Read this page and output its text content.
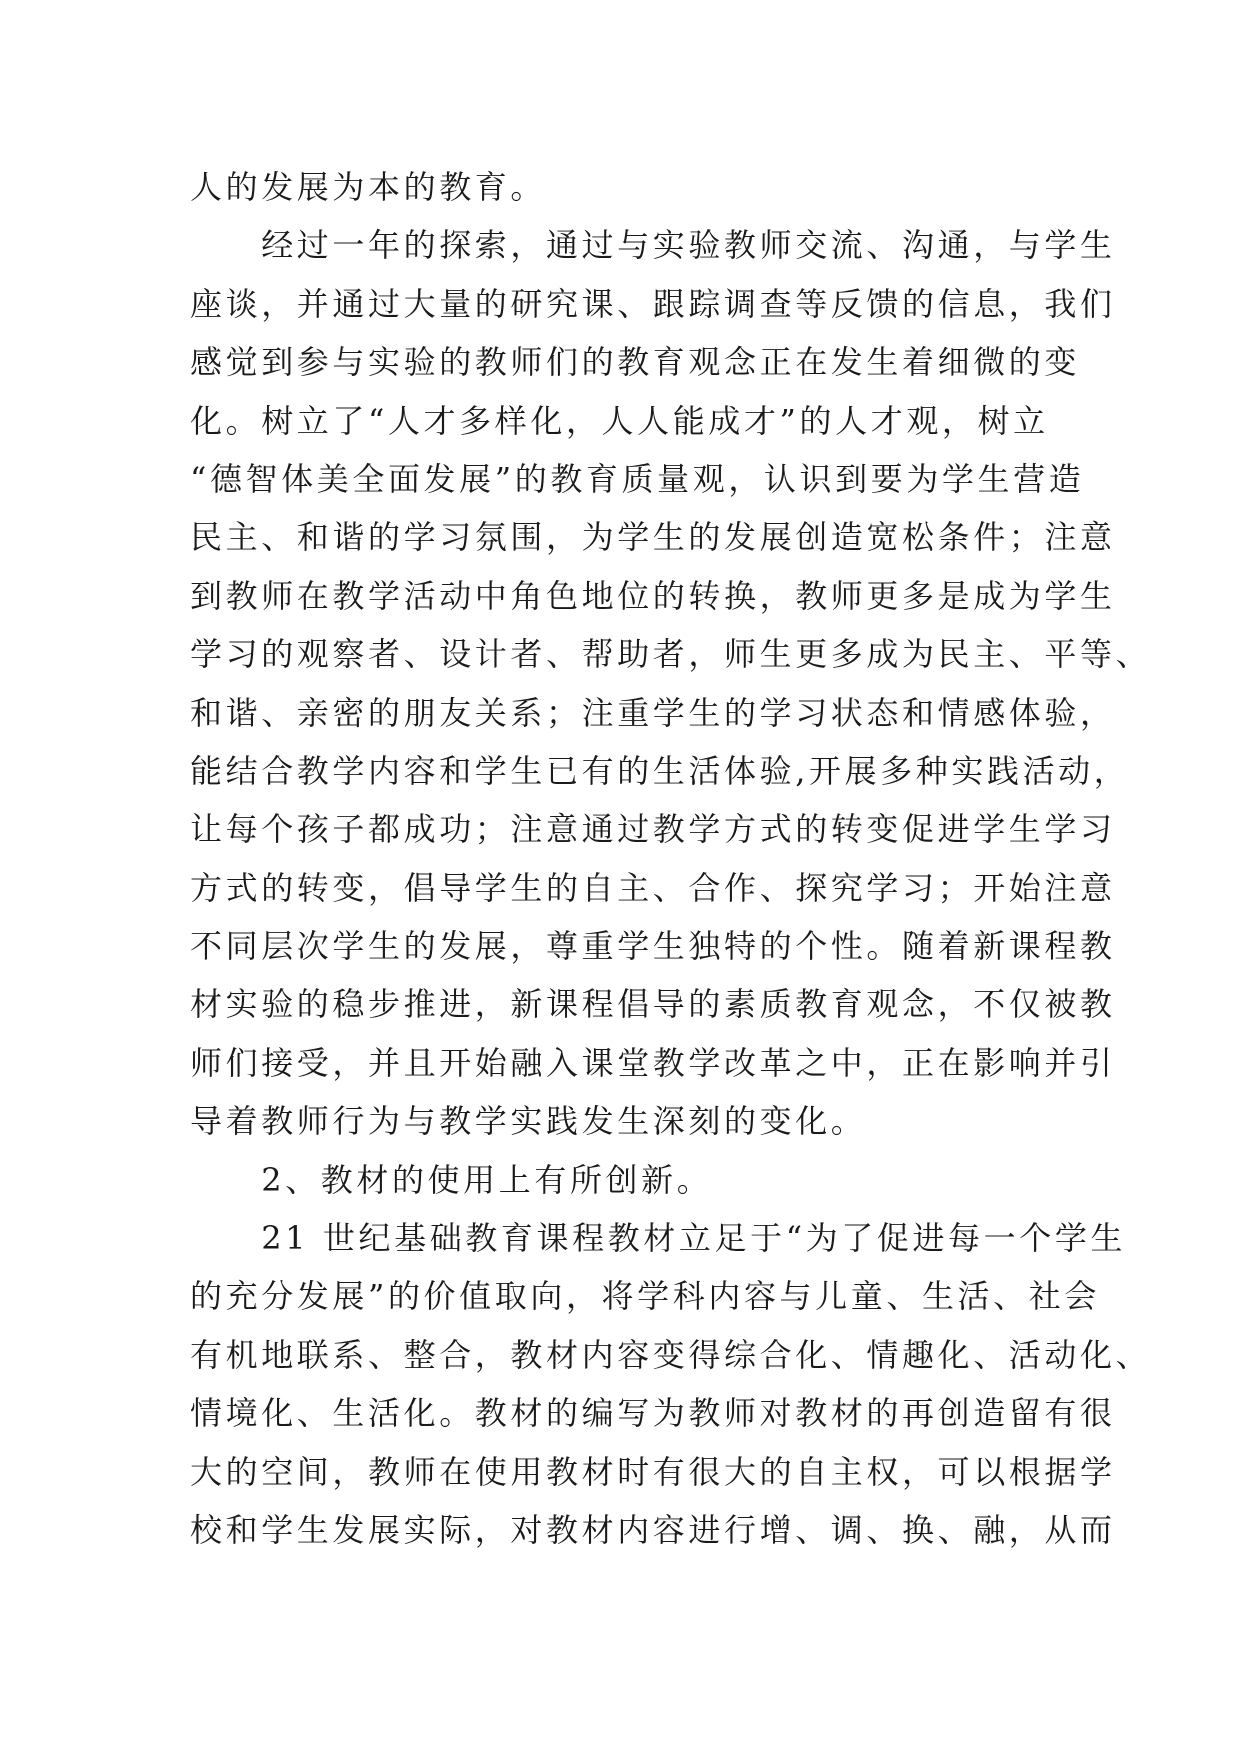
人的发展为本的教育。
　　经过一年的探索，通过与实验教师交流、沟通，与学生
座谈，并通过大量的研究课、跟踪调查等反馈的信息，我们
感觉到参与实验的教师们的教育观念正在发生着细微的变
化。树立了“人才多样化，人人能成才”的人才观，树立
“德智体美全面发展”的教育质量观，认识到要为学生营造
民主、和谐的学习氛围，为学生的发展创造宽松条件；注意
到教师在教学活动中角色地位的转换，教师更多是成为学生
学习的观察者、设计者、帮助者，师生更多成为民主、平等、
和谐、亲密的朋友关系；注重学生的学习状态和情感体验，
能结合教学内容和学生已有的生活体验,开展多种实践活动，
让每个孩子都成功；注意通过教学方式的转变促进学生学习
方式的转变，倡导学生的自主、合作、探究学习；开始注意
不同层次学生的发展，尊重学生独特的个性。随着新课程教
材实验的稳步推进，新课程倡导的素质教育观念，不仅被教
师们接受，并且开始融入课堂教学改革之中，正在影响并引
导着教师行为与教学实践发生深刻的变化。
　　2、教材的使用上有所创新。
　　21 世纪基础教育课程教材立足于“为了促进每一个学生
的充分发展”的价值取向，将学科内容与儿童、生活、社会
有机地联系、整合，教材内容变得综合化、情趣化、活动化、
情境化、生活化。教材的编写为教师对教材的再创造留有很
大的空间，教师在使用教材时有很大的自主权，可以根据学
校和学生发展实际，对教材内容进行增、调、换、融，从而
